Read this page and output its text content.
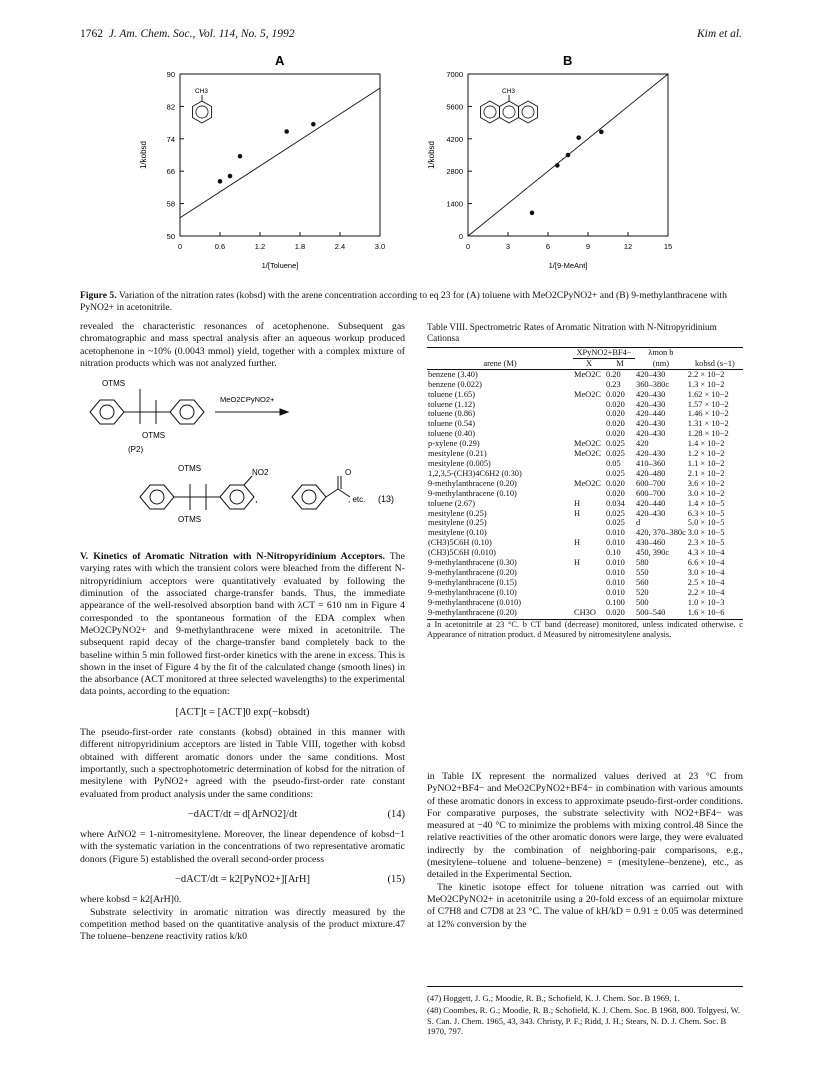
1762 J. Am. Chem. Soc., Vol. 114, No. 5, 1992	Kim et al.
A
0	0.6	1.2	1.8	2.4	3.0
50
58
66
74
82
90
1/[Toluene]
1/kobsd
CH3
B
0	3	6	9	12	15
0
1400
2800
4200
5600
7000
1/[9-MeAnt]
1/kobsd
CH3
Figure 5. Variation of the nitration rates (kobsd) with the arene concentration according to eq 23 for (A) toluene with MeO2CPyNO2+ and (B) 9-methylanthracene with PyNO2+ in acetonitrile.

revealed the characteristic resonances of acetophenone. Subsequent gas chromatographic and mass spectral analysis after an aqueous workup produced acetophenone in ~10% (0.0043 mmol) yield, together with a complex mixture of nitration products which was not analyzed further.

OTMS
OTMS
MeO2CPyNO2+
(P2)
OTMS
OTMS
NO2
,
O
, etc. (13)

V. Kinetics of Aromatic Nitration with N-Nitropyridinium Acceptors. The varying rates with which the transient colors were bleached from the different N-nitropyridinium acceptors were quantitatively evaluated by following the diminution of the associated charge-transfer bands. Thus, the immediate appearance of the well-resolved absorption band with λCT = 610 nm in Figure 4 corresponded to the spontaneous formation of the EDA complex when MeO2CPyNO2+ and 9-methylanthracene were mixed in acetonitrile. The subsequent rapid decay of the charge-transfer band completely back to the baseline within 5 min followed first-order kinetics with the arene in excess. This is shown in the inset of Figure 4 by the fit of the calculated change (smooth lines) in the absorbance (ACT monitored at three selected wavelengths) to the experimental data points, according to the equation:

[ACT]t = [ACT]0 exp(−kobsdt)

The pseudo-first-order rate constants (kobsd) obtained in this manner with different nitropyridinium acceptors are listed in Table VIII, together with kobsd obtained with different aromatic donors under the same conditions. Most importantly, such a spectrophotometric determination of kobsd for the nitration of mesitylene with PyNO2+ agreed with the pseudo-first-order rate constant evaluated from product analysis under the same conditions:

−dACT/dt = d[ArNO2]/dt	(14)

where ArNO2 = 1-nitromesitylene. Moreover, the linear dependence of kobsd−1 with the systematic variation in the concentrations of two representative aromatic donors (Figure 5) established the overall second-order process

−dACT/dt = k2[PyNO2+][ArH]	(15)

where kobsd = k2[ArH]0.

Substrate selectivity in aromatic nitration was directly measured by the competition method based on the quantitative analysis of the product mixture.47 The toluene–benzene reactivity ratios k/k0

Table VIII. Spectrometric Rates of Aromatic Nitration with N-Nitropyridinium Cationsa
	XPyNO2+BF4−		λmon b	
arene (M)	X	M	(nm)	kobsd (s−1)
benzene (3.40)	MeO2C	0.20	420–430	2.2 × 10−2
benzene (0.022)		0.23	360–380c	1.3 × 10−2
toluene (1.65)	MeO2C	0.020	420–430	1.62 × 10−2
toluene (1.12)		0.020	420–430	1.57 × 10−2
toluene (0.86)		0.020	420–440	1.46 × 10−2
toluene (0.54)		0.020	420–430	1.31 × 10−2
toluene (0.40)		0.020	420–430	1.28 × 10−2
p-xylene (0.29)	MeO2C	0.025	420	1.4 × 10−2
mesitylene (0.21)	MeO2C	0.025	420–430	1.2 × 10−2
mesitylene (0.005)		0.05	410–360	1.1 × 10−2
1,2,3,5-(CH3)4C6H2 (0.30)		0.025	420–480	2.1 × 10−2
9-methylanthracene (0.20)	MeO2C	0.020	600–700	3.6 × 10−2
9-methylanthracene (0.10)		0.020	600–700	3.0 × 10−2
toluene (2.67)	H	0.034	420–440	1.4 × 10−5
mesitylene (0.25)	H	0.025	420–430	6.3 × 10−5
mesitylene (0.25)		0.025	d	5.0 × 10−5
mesitylene (0.10)		0.010	420, 370–380c	3.0 × 10−5
(CH3)5C6H (0.10)	H	0.010	430–460	2.3 × 10−5
(CH3)5C6H (0.010)		0.10	450, 390c	4.3 × 10−4
9-methylanthracene (0.30)	H	0.010	580	6.6 × 10−4
9-methylanthracene (0.20)		0.010	550	3.0 × 10−4
9-methylanthracene (0.15)		0.010	560	2.5 × 10−4
9-methylanthracene (0.10)		0.010	520	2.2 × 10−4
9-methylanthracene (0.010)		0.100	500	1.0 × 10−3
9-methylanthracene (0.20)	CH3O	0.020	500–540	1.6 × 10−6
a In acetonitrile at 23 °C. b CT band (decrease) monitored, unless indicated otherwise. c Appearance of nitration product. d Measured by nitromesitylene analysis.

in Table IX represent the normalized values derived at 23 °C from PyNO2+BF4− and MeO2CPyNO2+BF4− in combination with various amounts of these aromatic donors in excess to approximate pseudo-first-order conditions. For comparative purposes, the substrate selectivity with NO2+BF4− was measured at −40 °C to minimize the problems with mixing control.48 Since the relative reactivities of the other aromatic donors were large, they were evaluated indirectly by the combination of neighboring-pair comparisons, e.g., (mesitylene–toluene and toluene–benzene) = (mesitylene–benzene), etc., as detailed in the Experimental Section.

The kinetic isotope effect for toluene nitration was carried out with MeO2CPyNO2+ in acetonitrile using a 20-fold excess of an equimolar mixture of C7H8 and C7D8 at 23 °C. The value of kH/kD = 0.91 ± 0.05 was determined at 12% conversion by the

(47) Hoggett, J. G.; Moodie, R. B.; Schofield, K. J. Chem. Soc. B 1969, 1.

(48) Coombes, R. G.; Moodie, R. B.; Schofield, K. J. Chem. Soc. B 1968, 800. Tolgyesi, W. S. Can. J. Chem. 1965, 43, 343. Christy, P. F.; Ridd, J. H.; Stears, N. D. J. Chem. Soc. B 1970, 797.
